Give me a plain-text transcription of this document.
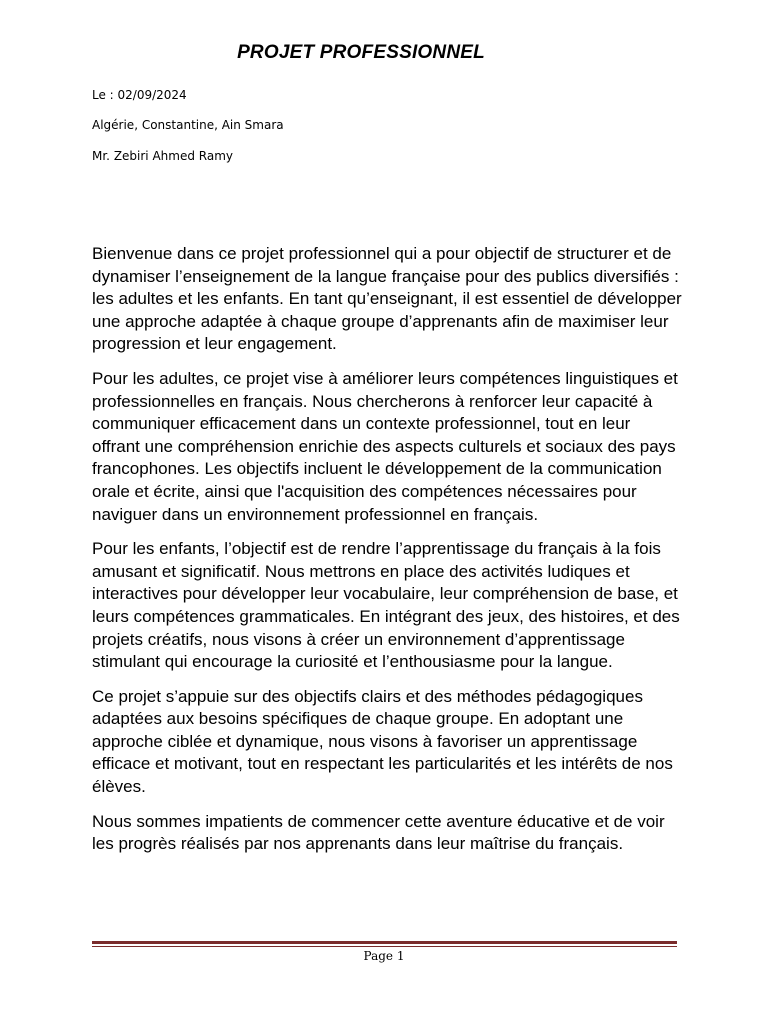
PROJET PROFESSIONNEL

Le : 02/09/2024

Algérie, Constantine, Ain Smara

Mr. Zebiri Ahmed Ramy

Bienvenue dans ce projet professionnel qui a pour objectif de structurer et de dynamiser l’enseignement de la langue française pour des publics diversifiés : les adultes et les enfants. En tant qu’enseignant, il est essentiel de développer une approche adaptée à chaque groupe d’apprenants afin de maximiser leur progression et leur engagement.

Pour les adultes, ce projet vise à améliorer leurs compétences linguistiques et professionnelles en français. Nous chercherons à renforcer leur capacité à communiquer efficacement dans un contexte professionnel, tout en leur offrant une compréhension enrichie des aspects culturels et sociaux des pays francophones. Les objectifs incluent le développement de la communication orale et écrite, ainsi que l'acquisition des compétences nécessaires pour naviguer dans un environnement professionnel en français.

Pour les enfants, l’objectif est de rendre l’apprentissage du français à la fois amusant et significatif. Nous mettrons en place des activités ludiques et interactives pour développer leur vocabulaire, leur compréhension de base, et leurs compétences grammaticales. En intégrant des jeux, des histoires, et des projets créatifs, nous visons à créer un environnement d’apprentissage stimulant qui encourage la curiosité et l’enthousiasme pour la langue.

Ce projet s’appuie sur des objectifs clairs et des méthodes pédagogiques adaptées aux besoins spécifiques de chaque groupe. En adoptant une approche ciblée et dynamique, nous visons à favoriser un apprentissage efficace et motivant, tout en respectant les particularités et les intérêts de nos élèves.

Nous sommes impatients de commencer cette aventure éducative et de voir les progrès réalisés par nos apprenants dans leur maîtrise du français.

Page 1
